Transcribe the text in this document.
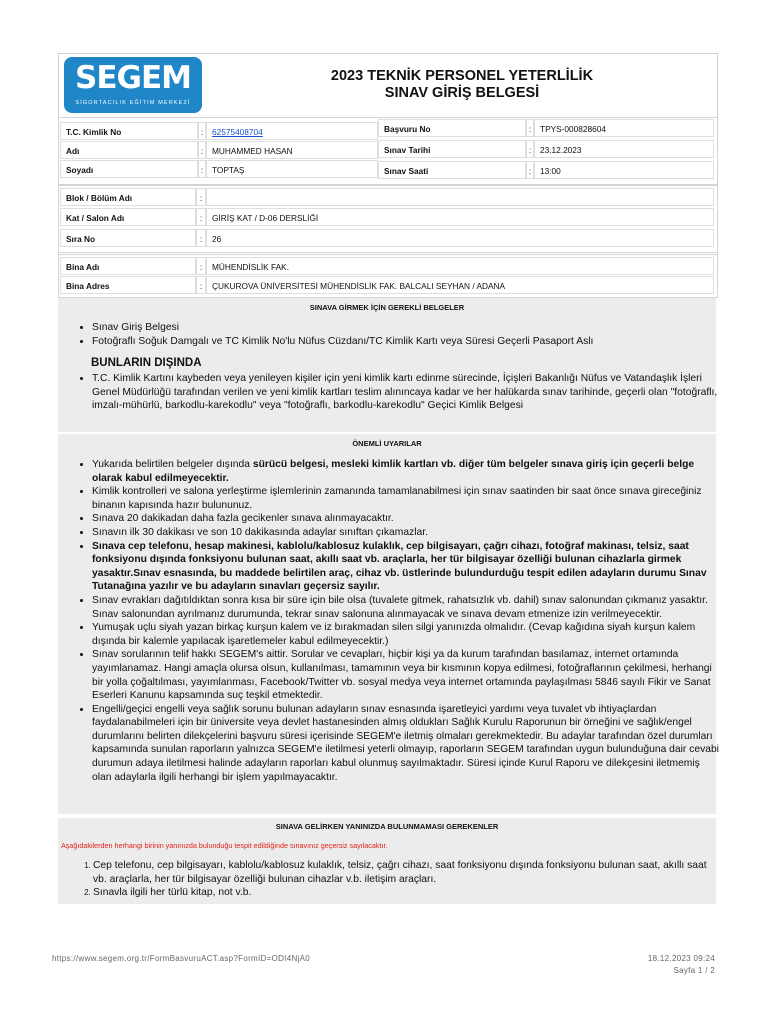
SEGEM
SİGORTACILIK EĞİTİM MERKEZİ
2023 TEKNİK PERSONEL YETERLİLİK
SINAV GİRİŞ BELGESİ
T.C. Kimlik No	:	62575408704
Adı	:	MUHAMMED HASAN
Soyadı	:	TOPTAŞ
Başvuru No	:	TPYS-000828604
Sınav Tarihi	:	23.12.2023
Sınav Saati	:	13:00
Blok / Bölüm Adı	:
Kat / Salon Adı	:	GİRİŞ KAT / D-06 DERSLİĞİ
Sıra No	:	26
Bina Adı	:	MÜHENDİSLİK FAK.
Bina Adres	:	ÇUKUROVA ÜNİVERSİTESİ MÜHENDİSLİK FAK. BALCALI SEYHAN / ADANA
SINAVA GİRMEK İÇİN GEREKLİ BELGELER
• Sınav Giriş Belgesi
• Fotoğraflı Soğuk Damgalı ve TC Kimlik No'lu Nüfus Cüzdanı/TC Kimlik Kartı veya Süresi Geçerli Pasaport Aslı
BUNLARIN DIŞINDA
• T.C. Kimlik Kartını kaybeden veya yenileyen kişiler için yeni kimlik kartı edinme sürecinde, İçişleri Bakanlığı Nüfus ve Vatandaşlık İşleri Genel Müdürlüğü tarafından verilen ve yeni kimlik kartları teslim alınıncaya kadar ve her halükarda sınav tarihinde, geçerli olan "fotoğraflı, imzalı-mühürlü, barkodlu-karekodlu" veya "fotoğraflı, barkodlu-karekodlu" Geçici Kimlik Belgesi
ÖNEMLİ UYARILAR
• Yukarıda belirtilen belgeler dışında sürücü belgesi, mesleki kimlik kartları vb. diğer tüm belgeler sınava giriş için geçerli belge olarak kabul edilmeyecektir.
• Kimlik kontrolleri ve salona yerleştirme işlemlerinin zamanında tamamlanabilmesi için sınav saatinden bir saat önce sınava gireceğiniz binanın kapısında hazır bulununuz.
• Sınava 20 dakikadan daha fazla gecikenler sınava alınmayacaktır.
• Sınavın ilk 30 dakikası ve son 10 dakikasında adaylar sınıftan çıkamazlar.
• Sınava cep telefonu, hesap makinesi, kablolu/kablosuz kulaklık, cep bilgisayarı, çağrı cihazı, fotoğraf makinası, telsiz, saat fonksiyonu dışında fonksiyonu bulunan saat, akıllı saat vb. araçlarla, her tür bilgisayar özelliği bulunan cihazlarla girmek yasaktır.Sınav esnasında, bu maddede belirtilen araç, cihaz vb. üstlerinde bulundurduğu tespit edilen adayların durumu Sınav Tutanağına yazılır ve bu adayların sınavları geçersiz sayılır.
• Sınav evrakları dağıtıldıktan sonra kısa bir süre için bile olsa (tuvalete gitmek, rahatsızlık vb. dahil) sınav salonundan çıkmanız yasaktır. Sınav salonundan ayrılmanız durumunda, tekrar sınav salonuna alınmayacak ve sınava devam etmenize izin verilmeyecektir.
• Yumuşak uçlu siyah yazan birkaç kurşun kalem ve iz bırakmadan silen silgi yanınızda olmalıdır. (Cevap kağıdına siyah kurşun kalem dışında bir kalemle yapılacak işaretlemeler kabul edilmeyecektir.)
• Sınav sorularının telif hakkı SEGEM's aittir. Sorular ve cevapları, hiçbir kişi ya da kurum tarafından basılamaz, internet ortamında yayımlanamaz. Hangi amaçla olursa olsun, kullanılması, tamamının veya bir kısmının kopya edilmesi, fotoğraflarının çekilmesi, herhangi bir yolla çoğaltılması, yayımlanması, Facebook/Twitter vb. sosyal medya veya internet ortamında paylaşılması 5846 sayılı Fikir ve Sanat Eserleri Kanunu kapsamında suç teşkil etmektedir.
• Engelli/geçici engelli veya sağlık sorunu bulunan adayların sınav esnasında işaretleyici yardımı veya tuvalet vb ihtiyaçlardan faydalanabilmeleri için bir üniversite veya devlet hastanesinden almış oldukları Sağlık Kurulu Raporunun bir örneğini ve sağlık/engel durumlarını belirten dilekçelerini başvuru süresi içerisinde SEGEM'e iletmiş olmaları gerekmektedir. Bu adaylar tarafından özel durumları kapsamında sunulan raporların yalnızca SEGEM'e iletilmesi yeterli olmayıp, raporların SEGEM tarafından uygun bulunduğuna dair cevabi durumun adaya iletilmesi halinde adayların raporları kabul olunmuş sayılmaktadır. Süresi içinde Kurul Raporu ve dilekçesini iletmemiş olan adaylarla ilgili herhangi bir işlem yapılmayacaktır.
SINAVA GELİRKEN YANINIZDA BULUNMAMASI GEREKENLER
Aşağıdakilerden herhangi birinin yanınızda bulunduğu tespit edildiğinde sınavınız geçersiz sayılacaktır.
1. Cep telefonu, cep bilgisayarı, kablolu/kablosuz kulaklık, telsiz, çağrı cihazı, saat fonksiyonu dışında fonksiyonu bulunan saat, akıllı saat vb. araçlarla, her tür bilgisayar özelliği bulunan cihazlar v.b. iletişim araçları.
2. Sınavla ilgili her türlü kitap, not v.b.
https://www.segem.org.tr/FormBasvuruACT.asp?FormID=ODI4NjA0	18.12.2023 09:24
Sayfa 1 / 2
